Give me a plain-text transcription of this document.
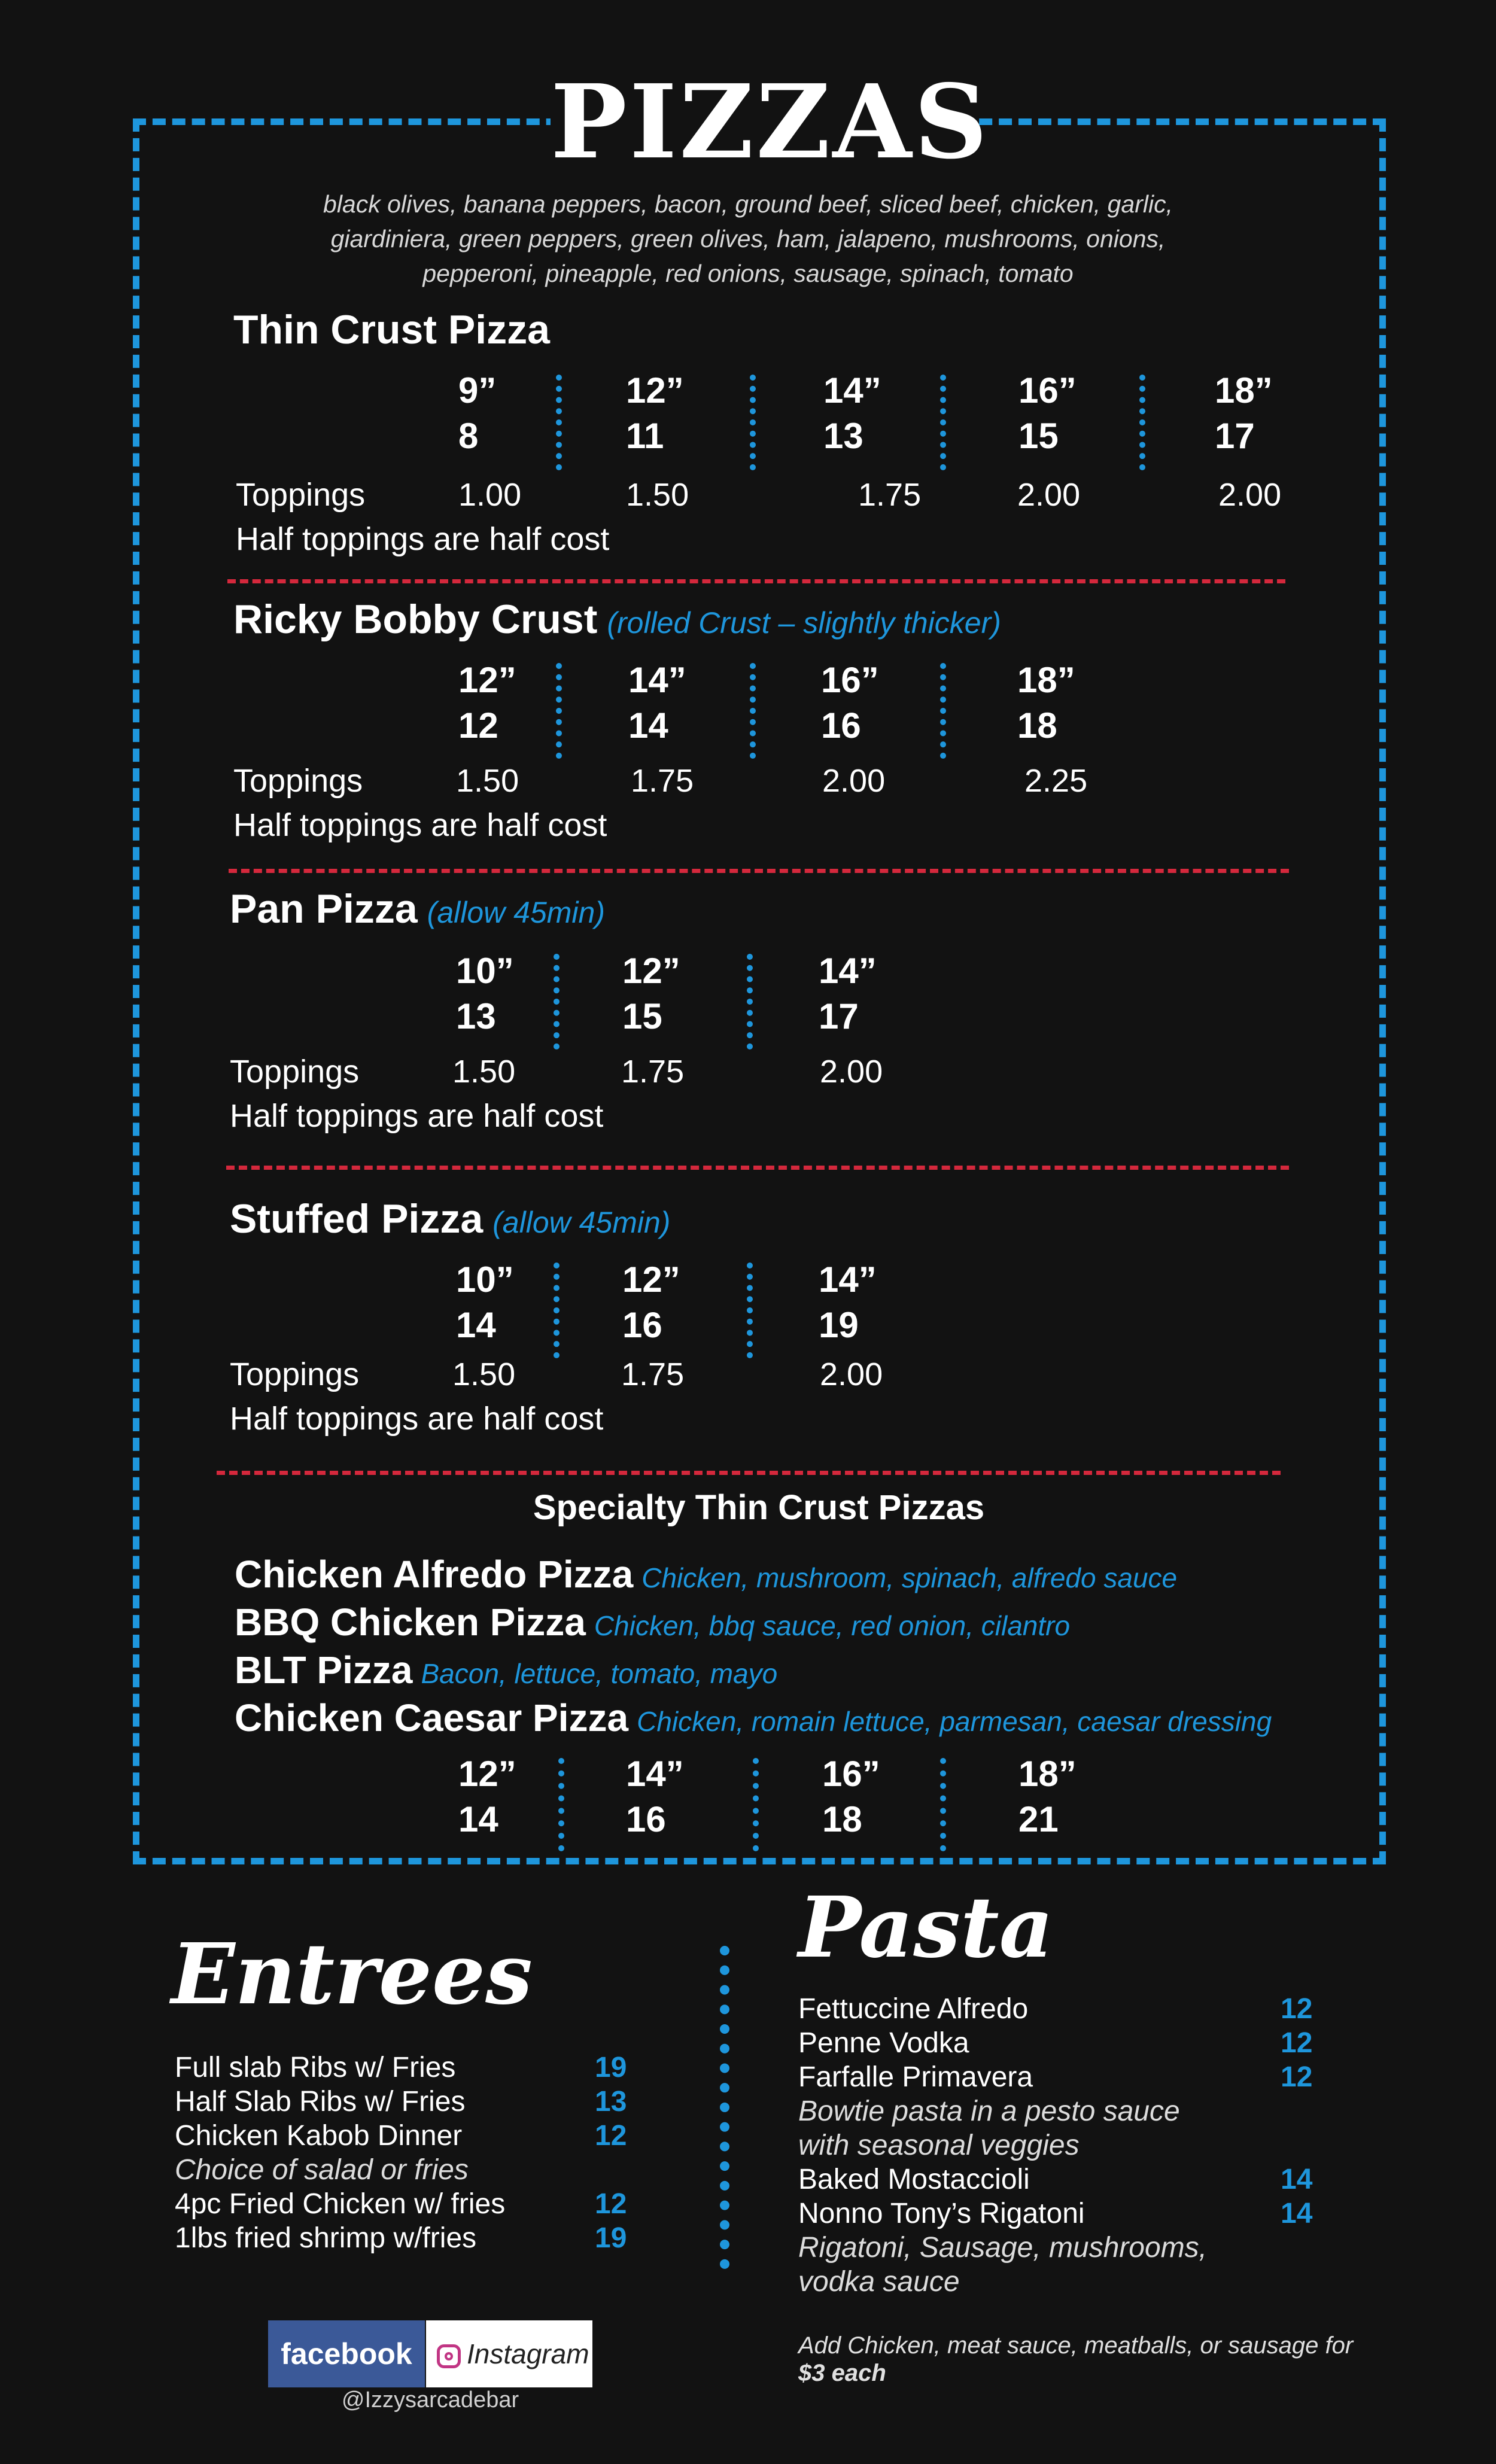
PIZZAS
black olives, banana peppers, bacon, ground beef, sliced beef, chicken, garlic,
giardiniera, green peppers, green olives, ham, jalapeno, mushrooms, onions,
pepperoni, pineapple, red onions, sausage, spinach, tomato
Thin Crust Pizza
9”	12”	14”	16”	18”
8	11	13	15	17
Toppings	1.00	1.50	1.75	2.00	2.00
Half toppings are half cost
Ricky Bobby Crust (rolled Crust – slightly thicker)
12”	14”	16”	18”
12	14	16	18
Toppings	1.50	1.75	2.00	2.25
Half toppings are half cost
Pan Pizza (allow 45min)
10”	12”	14”
13	15	17
Toppings	1.50	1.75	2.00
Half toppings are half cost
Stuffed Pizza (allow 45min)
10”	12”	14”
14	16	19
Toppings	1.50	1.75	2.00
Half toppings are half cost
Specialty Thin Crust Pizzas
Chicken Alfredo Pizza Chicken, mushroom, spinach, alfredo sauce
BBQ Chicken Pizza Chicken, bbq sauce, red onion, cilantro
BLT Pizza Bacon, lettuce, tomato, mayo
Chicken Caesar Pizza Chicken, romain lettuce, parmesan, caesar dressing
12”	14”	16”	18”
14	16	18	21
Entrees
Full slab Ribs w/ Fries	19
Half Slab Ribs w/ Fries	13
Chicken Kabob Dinner	12
Choice of salad or fries
4pc Fried Chicken w/ fries	12
1lbs fried shrimp w/fries	19
Pasta
Fettuccine Alfredo	12
Penne Vodka	12
Farfalle Primavera	12
Bowtie pasta in a pesto sauce
with seasonal veggies
Baked Mostaccioli	14
Nonno Tony’s Rigatoni	14
Rigatoni, Sausage, mushrooms,
vodka sauce
Add Chicken, meat sauce, meatballs, or sausage for
$3 each
facebook	Instagram
@Izzysarcadebar
